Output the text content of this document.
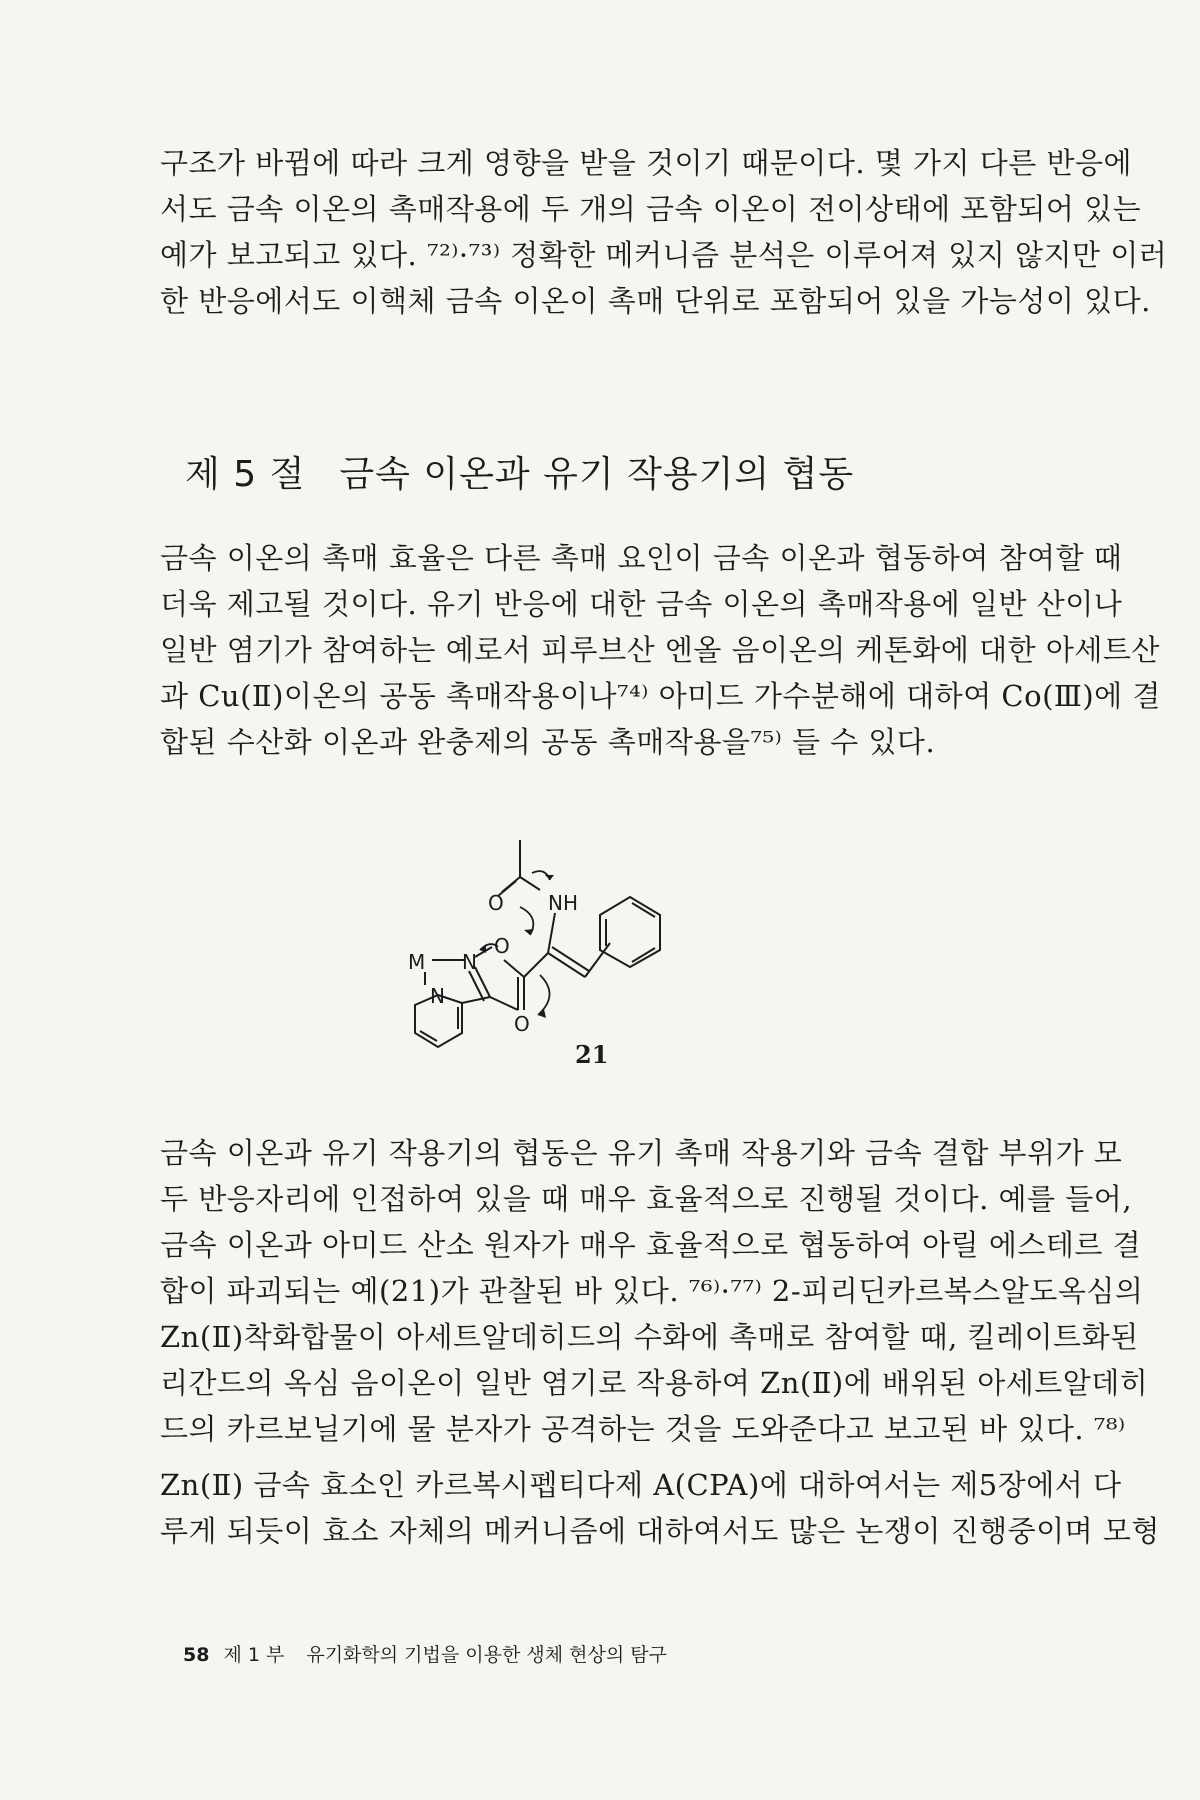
구조가 바뀜에 따라 크게 영향을 받을 것이기 때문이다. 몇 가지 다른 반응에
서도 금속 이온의 촉매작용에 두 개의 금속 이온이 전이상태에 포함되어 있는
예가 보고되고 있다. ⁷²⁾·⁷³⁾ 정확한 메커니즘 분석은 이루어져 있지 않지만 이러
한 반응에서도 이핵체 금속 이온이 촉매 단위로 포함되어 있을 가능성이 있다.
제 5 절 금속 이온과 유기 작용기의 협동
금속 이온의 촉매 효율은 다른 촉매 요인이 금속 이온과 협동하여 참여할 때
더욱 제고될 것이다. 유기 반응에 대한 금속 이온의 촉매작용에 일반 산이나
일반 염기가 참여하는 예로서 피루브산 엔올 음이온의 케톤화에 대한 아세트산
과 Cu(Ⅱ)이온의 공동 촉매작용이나⁷⁴⁾ 아미드 가수분해에 대하여 Co(Ⅲ)에 결
합된 수산화 이온과 완충제의 공동 촉매작용을⁷⁵⁾ 들 수 있다.
O NH
O
M N
N
O
21
금속 이온과 유기 작용기의 협동은 유기 촉매 작용기와 금속 결합 부위가 모
두 반응자리에 인접하여 있을 때 매우 효율적으로 진행될 것이다. 예를 들어,
금속 이온과 아미드 산소 원자가 매우 효율적으로 협동하여 아릴 에스테르 결
합이 파괴되는 예(21)가 관찰된 바 있다. ⁷⁶⁾·⁷⁷⁾ 2-피리딘카르복스알도옥심의
Zn(Ⅱ)착화합물이 아세트알데히드의 수화에 촉매로 참여할 때, 킬레이트화된
리간드의 옥심 음이온이 일반 염기로 작용하여 Zn(Ⅱ)에 배위된 아세트알데히
드의 카르보닐기에 물 분자가 공격하는 것을 도와준다고 보고된 바 있다. ⁷⁸⁾
Zn(Ⅱ) 금속 효소인 카르복시펩티다제 A(CPA)에 대하여서는 제5장에서 다
루게 되듯이 효소 자체의 메커니즘에 대하여서도 많은 논쟁이 진행중이며 모형
58 제 1 부 유기화학의 기법을 이용한 생체 현상의 탐구
